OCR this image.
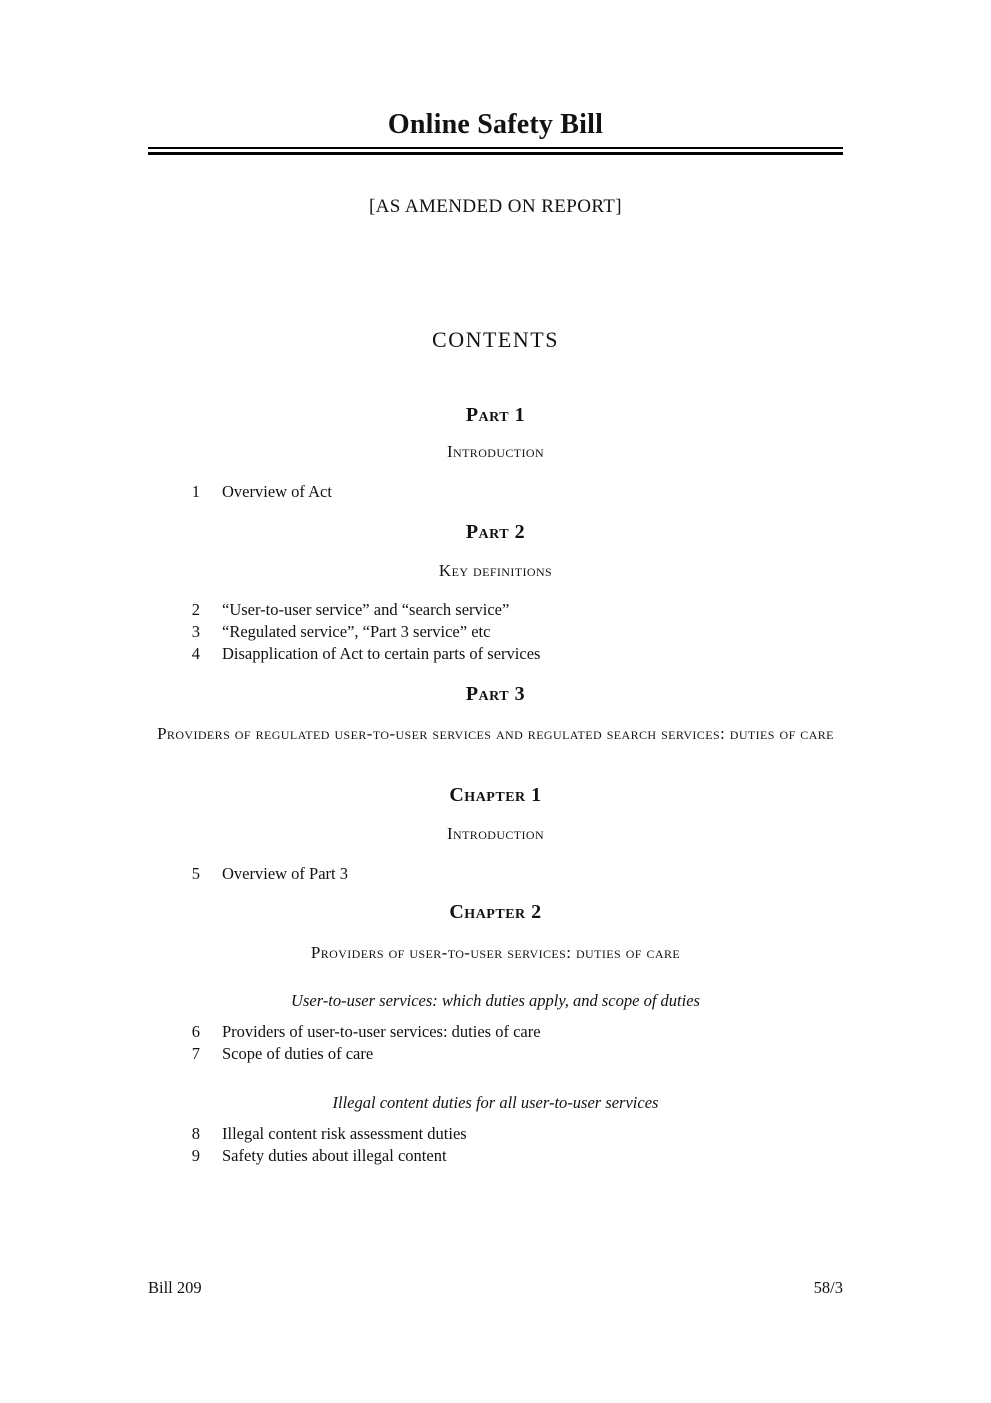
Online Safety Bill
[AS AMENDED ON REPORT]
CONTENTS
Part 1
Introduction
1 Overview of Act
Part 2
Key definitions
2 “User-to-user service” and “search service”
3 “Regulated service”, “Part 3 service” etc
4 Disapplication of Act to certain parts of services
Part 3
Providers of regulated user-to-user services and regulated search services: duties of care
Chapter 1
Introduction
5 Overview of Part 3
Chapter 2
Providers of user-to-user services: duties of care
User-to-user services: which duties apply, and scope of duties
6 Providers of user-to-user services: duties of care
7 Scope of duties of care
Illegal content duties for all user-to-user services
8 Illegal content risk assessment duties
9 Safety duties about illegal content
Bill 209	58/3
